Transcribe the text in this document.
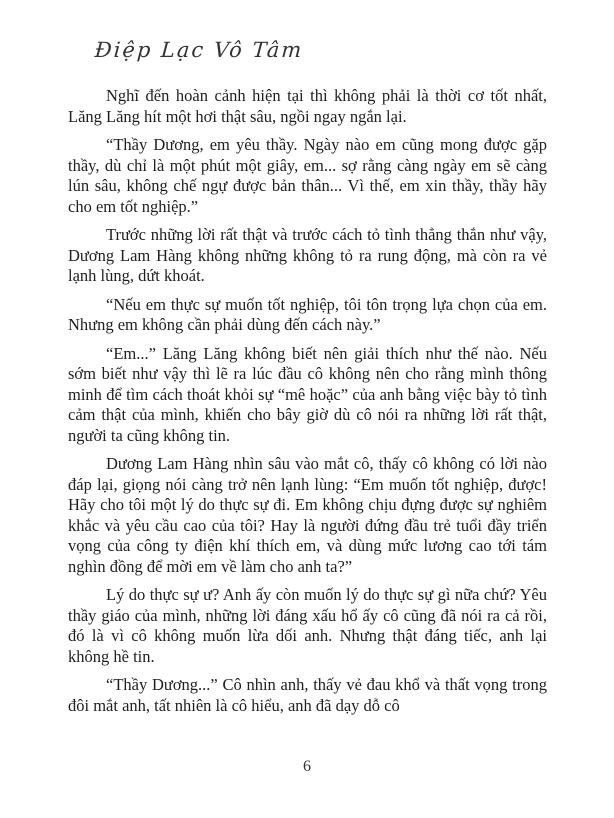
Điệp Lạc Vô Tâm

Nghĩ đến hoàn cảnh hiện tại thì không phải là thời cơ tốt nhất, Lăng Lăng hít một hơi thật sâu, ngồi ngay ngắn lại.

“Thầy Dương, em yêu thầy. Ngày nào em cũng mong được gặp thầy, dù chỉ là một phút một giây, em... sợ rằng càng ngày em sẽ càng lún sâu, không chế ngự được bản thân... Vì thế, em xin thầy, thầy hãy cho em tốt nghiệp.”

Trước những lời rất thật và trước cách tỏ tình thẳng thắn như vậy, Dương Lam Hàng không những không tỏ ra rung động, mà còn ra vẻ lạnh lùng, dứt khoát.

“Nếu em thực sự muốn tốt nghiệp, tôi tôn trọng lựa chọn của em. Nhưng em không cần phải dùng đến cách này.”

“Em...” Lăng Lăng không biết nên giải thích như thế nào. Nếu sớm biết như vậy thì lẽ ra lúc đầu cô không nên cho rằng mình thông minh để tìm cách thoát khỏi sự “mê hoặc” của anh bằng việc bày tỏ tình cảm thật của mình, khiến cho bây giờ dù cô nói ra những lời rất thật, người ta cũng không tin.

Dương Lam Hàng nhìn sâu vào mắt cô, thấy cô không có lời nào đáp lại, giọng nói càng trở nên lạnh lùng: “Em muốn tốt nghiệp, được! Hãy cho tôi một lý do thực sự đi. Em không chịu đựng được sự nghiêm khắc và yêu cầu cao của tôi? Hay là người đứng đầu trẻ tuổi đầy triển vọng của công ty điện khí thích em, và dùng mức lương cao tới tám nghìn đồng để mời em về làm cho anh ta?”

Lý do thực sự ư? Anh ấy còn muốn lý do thực sự gì nữa chứ? Yêu thầy giáo của mình, những lời đáng xấu hổ ấy cô cũng đã nói ra cả rồi, đó là vì cô không muốn lừa dối anh. Nhưng thật đáng tiếc, anh lại không hề tin.

“Thầy Dương...” Cô nhìn anh, thấy vẻ đau khổ và thất vọng trong đôi mắt anh, tất nhiên là cô hiểu, anh đã dạy dỗ cô

6
